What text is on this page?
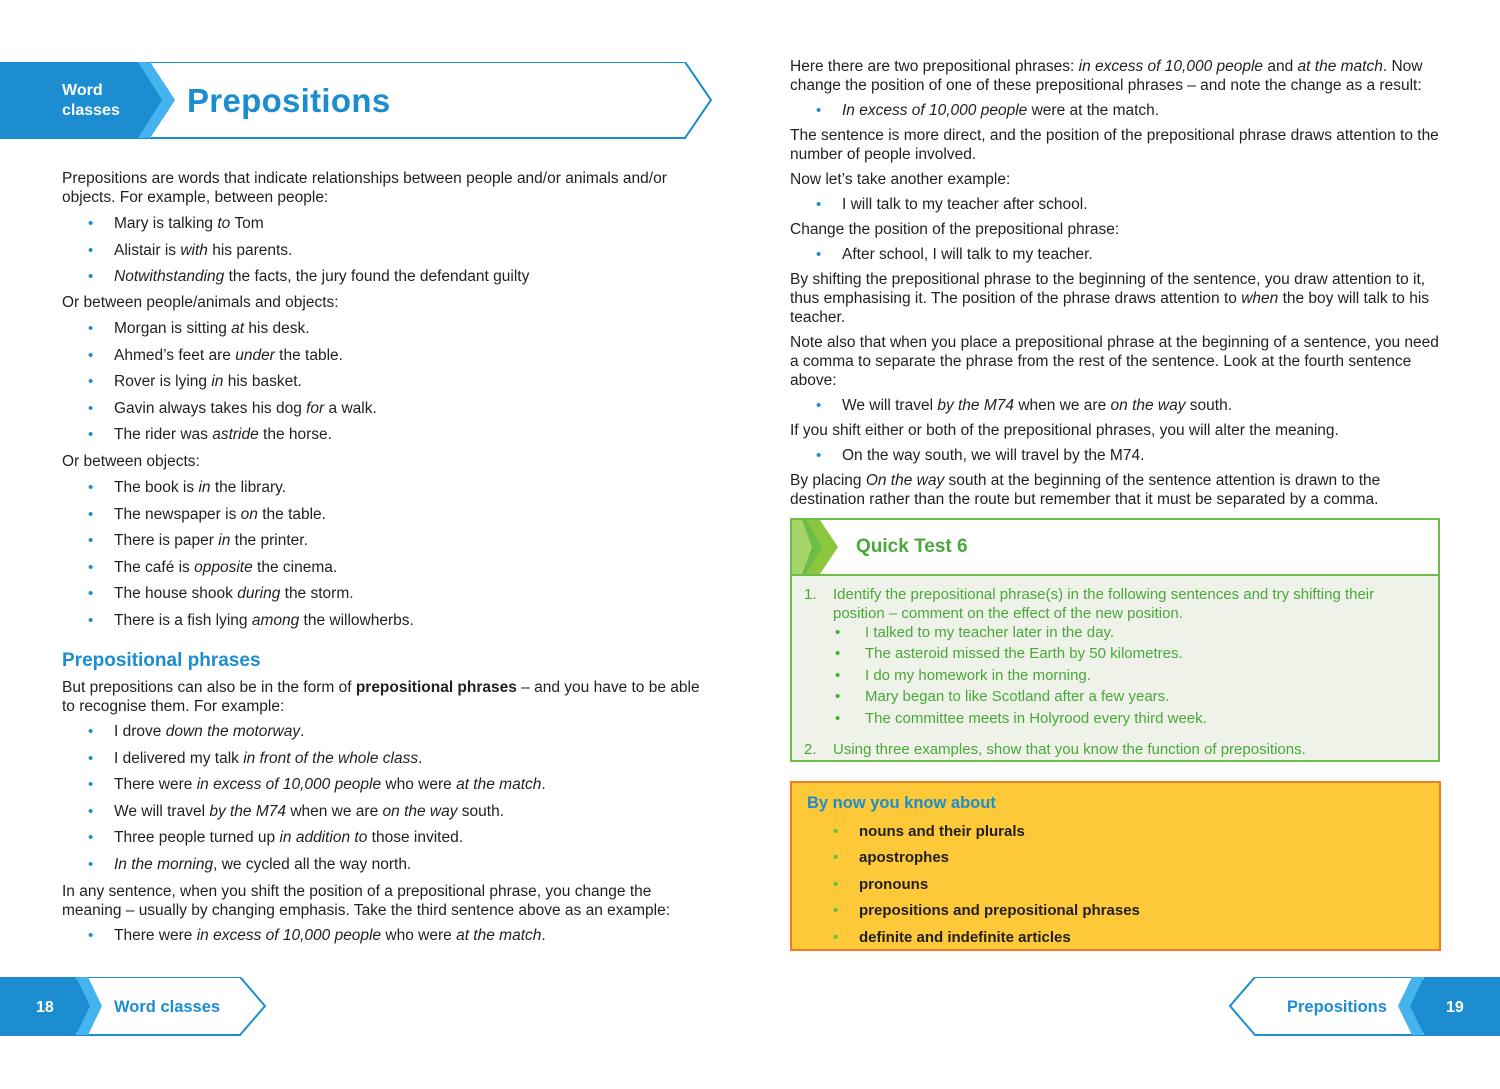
Word
classes Prepositions

Prepositions are words that indicate relationships between people and/or animals and/or objects. For example, between people:

• Mary is talking to Tom
• Alistair is with his parents.
• Notwithstanding the facts, the jury found the defendant guilty

Or between people/animals and objects:

• Morgan is sitting at his desk.
• Ahmed’s feet are under the table.
• Rover is lying in his basket.
• Gavin always takes his dog for a walk.
• The rider was astride the horse.

Or between objects:

• The book is in the library.
• The newspaper is on the table.
• There is paper in the printer.
• The café is opposite the cinema.
• The house shook during the storm.
• There is a fish lying among the willowherbs.
Prepositional phrases

But prepositions can also be in the form of prepositional phrases – and you have to be able to recognise them. For example:

• I drove down the motorway.
• I delivered my talk in front of the whole class.
• There were in excess of 10,000 people who were at the match.
• We will travel by the M74 when we are on the way south.
• Three people turned up in addition to those invited.
• In the morning, we cycled all the way north.

In any sentence, when you shift the position of a prepositional phrase, you change the meaning – usually by changing emphasis. Take the third sentence above as an example:

• There were in excess of 10,000 people who were at the match.
18	Word classes

Here there are two prepositional phrases: in excess of 10,000 people and at the match. Now change the position of one of these prepositional phrases – and note the change as a result:

• In excess of 10,000 people were at the match.

The sentence is more direct, and the position of the prepositional phrase draws attention to the number of people involved.

Now let’s take another example:

• I will talk to my teacher after school.

Change the position of the prepositional phrase:

• After school, I will talk to my teacher.

By shifting the prepositional phrase to the beginning of the sentence, you draw attention to it, thus emphasising it. The position of the phrase draws attention to when the boy will talk to his teacher.

Note also that when you place a prepositional phrase at the beginning of a sentence, you need a comma to separate the phrase from the rest of the sentence. Look at the fourth sentence above:

• We will travel by the M74 when we are on the way south.

If you shift either or both of the prepositional phrases, you will alter the meaning.

• On the way south, we will travel by the M74.

By placing On the way south at the beginning of the sentence attention is drawn to the destination rather than the route but remember that it must be separated by a comma.

Quick Test 6
1. Identify the prepositional phrase(s) in the following sentences and try shifting their position – comment on the effect of the new position.
• I talked to my teacher later in the day.
• The asteroid missed the Earth by 50 kilometres.
• I do my homework in the morning.
• Mary began to like Scotland after a few years.
• The committee meets in Holyrood every third week.
2. Using three examples, show that you know the function of prepositions.
By now you know about
• nouns and their plurals
• apostrophes
• pronouns
• prepositions and prepositional phrases
• definite and indefinite articles
Prepositions	19
